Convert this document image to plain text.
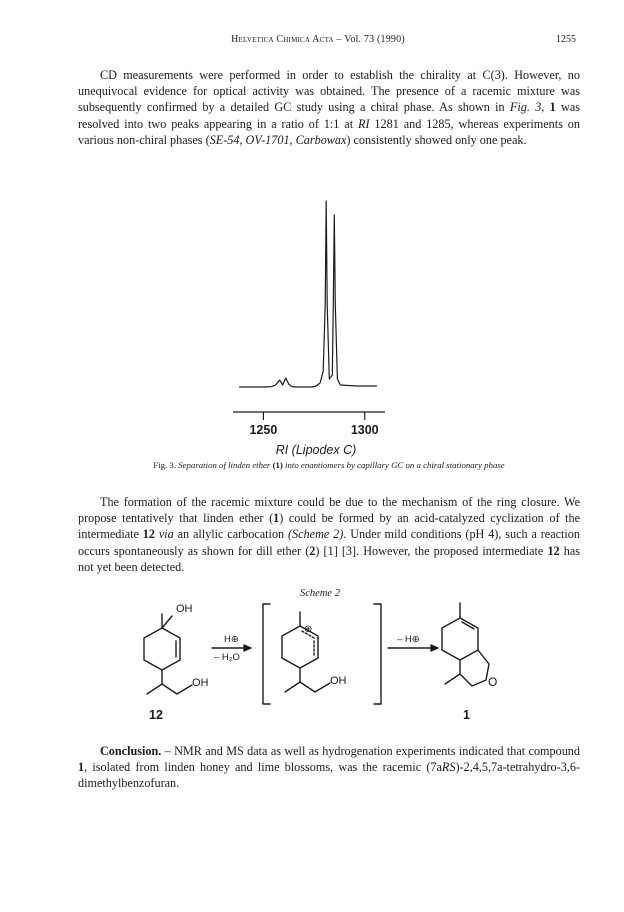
Helvetica Chimica Acta – Vol. 73 (1990)	1255

CD measurements were performed in order to establish the chirality at C(3). However, no unequivocal evidence for optical activity was obtained. The presence of a racemic mixture was subsequently confirmed by a detailed GC study using a chiral phase. As shown in Fig. 3, 1 was resolved into two peaks appearing in a ratio of 1:1 at RI 1281 and 1285, whereas experiments on various non-chiral phases (SE-54, OV-1701, Carbowax) consistently showed only one peak.

1250	1300
RI (Lipodex C)
Fig. 3. Separation of linden ether (1) into enantiomers by capillary GC on a chiral stationary phase

The formation of the racemic mixture could be due to the mechanism of the ring closure. We propose tentatively that linden ether (1) could be formed by an acid-catalyzed cyclization of the intermediate 12 via an allylic carbocation (Scheme 2). Under mild conditions (pH 4), such a reaction occurs spontaneously as shown for dill ether (2) [1] [3]. However, the proposed intermediate 12 has not yet been detected.

Scheme 2
OH
OH	OH	O
H⊕
– H₂O
⊕
– H⊕
12	1

Conclusion. – NMR and MS data as well as hydrogenation experiments indicated that compound 1, isolated from linden honey and lime blossoms, was the racemic (7aRS)-2,4,5,7a-tetrahydro-3,6-dimethylbenzofuran.
